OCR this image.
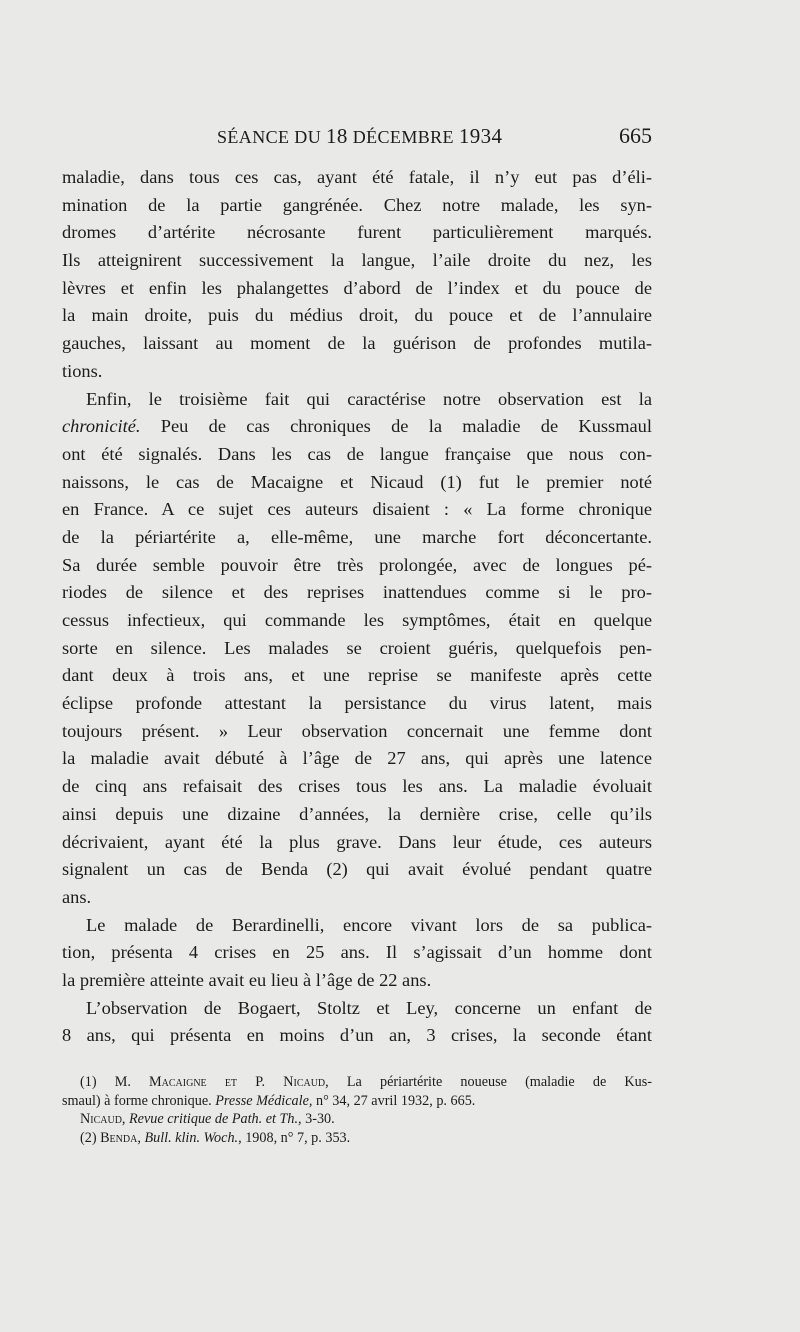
SÉANCE DU 18 DÉCEMBRE 1934	665
maladie, dans tous ces cas, ayant été fatale, il n’y eut pas d’éli-
mination de la partie gangrénée. Chez notre malade, les syn-
dromes d’artérite nécrosante furent particulièrement marqués.
Ils atteignirent successivement la langue, l’aile droite du nez, les
lèvres et enfin les phalangettes d’abord de l’index et du pouce de
la main droite, puis du médius droit, du pouce et de l’annulaire
gauches, laissant au moment de la guérison de profondes mutila-
tions.
Enfin, le troisième fait qui caractérise notre observation est la
chronicité. Peu de cas chroniques de la maladie de Kussmaul
ont été signalés. Dans les cas de langue française que nous con-
naissons, le cas de Macaigne et Nicaud (1) fut le premier noté
en France. A ce sujet ces auteurs disaient : « La forme chronique
de la périartérite a, elle-même, une marche fort déconcertante.
Sa durée semble pouvoir être très prolongée, avec de longues pé-
riodes de silence et des reprises inattendues comme si le pro-
cessus infectieux, qui commande les symptômes, était en quelque
sorte en silence. Les malades se croient guéris, quelquefois pen-
dant deux à trois ans, et une reprise se manifeste après cette
éclipse profonde attestant la persistance du virus latent, mais
toujours présent. » Leur observation concernait une femme dont
la maladie avait débuté à l’âge de 27 ans, qui après une latence
de cinq ans refaisait des crises tous les ans. La maladie évoluait
ainsi depuis une dizaine d’années, la dernière crise, celle qu’ils
décrivaient, ayant été la plus grave. Dans leur étude, ces auteurs
signalent un cas de Benda (2) qui avait évolué pendant quatre
ans.
Le malade de Berardinelli, encore vivant lors de sa publica-
tion, présenta 4 crises en 25 ans. Il s’agissait d’un homme dont
la première atteinte avait eu lieu à l’âge de 22 ans.
L’observation de Bogaert, Stoltz et Ley, concerne un enfant de
8 ans, qui présenta en moins d’un an, 3 crises, la seconde étant
(1) M. Macaigne et P. Nicaud, La périartérite noueuse (maladie de Kus-
smaul) à forme chronique. Presse Médicale, n° 34, 27 avril 1932, p. 665.
Nicaud, Revue critique de Path. et Th., 3-30.
(2) Benda, Bull. klin. Woch., 1908, n° 7, p. 353.
